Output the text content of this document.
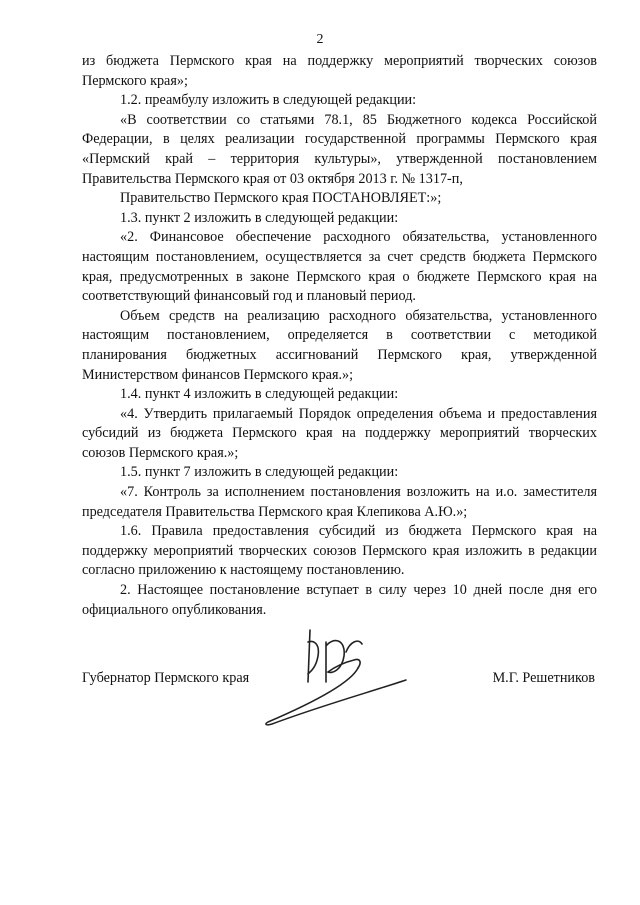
2

из бюджета Пермского края на поддержку мероприятий творческих союзов Пермского края»;

1.2. преамбулу изложить в следующей редакции:

«В соответствии со статьями 78.1, 85 Бюджетного кодекса Российской Федерации, в целях реализации государственной программы Пермского края «Пермский край – территория культуры», утвержденной постановлением Правительства Пермского края от 03 октября 2013 г. № 1317-п,

Правительство Пермского края ПОСТАНОВЛЯЕТ:»;

1.3. пункт 2 изложить в следующей редакции:

«2. Финансовое обеспечение расходного обязательства, установленного настоящим постановлением, осуществляется за счет средств бюджета Пермского края, предусмотренных в законе Пермского края о бюджете Пермского края на соответствующий финансовый год и плановый период.

Объем средств на реализацию расходного обязательства, установленного настоящим постановлением, определяется в соответствии с методикой планирования бюджетных ассигнований Пермского края, утвержденной Министерством финансов Пермского края.»;

1.4. пункт 4 изложить в следующей редакции:

«4. Утвердить прилагаемый Порядок определения объема и предоставления субсидий из бюджета Пермского края на поддержку мероприятий творческих союзов Пермского края.»;

1.5. пункт 7 изложить в следующей редакции:

«7. Контроль за исполнением постановления возложить на и.о. заместителя председателя Правительства Пермского края Клепикова А.Ю.»;

1.6. Правила предоставления субсидий из бюджета Пермского края на поддержку мероприятий творческих союзов Пермского края изложить в редакции согласно приложению к настоящему постановлению.

2. Настоящее постановление вступает в силу через 10 дней после дня его официального опубликования.

Губернатор Пермского края	М.Г. Решетников
